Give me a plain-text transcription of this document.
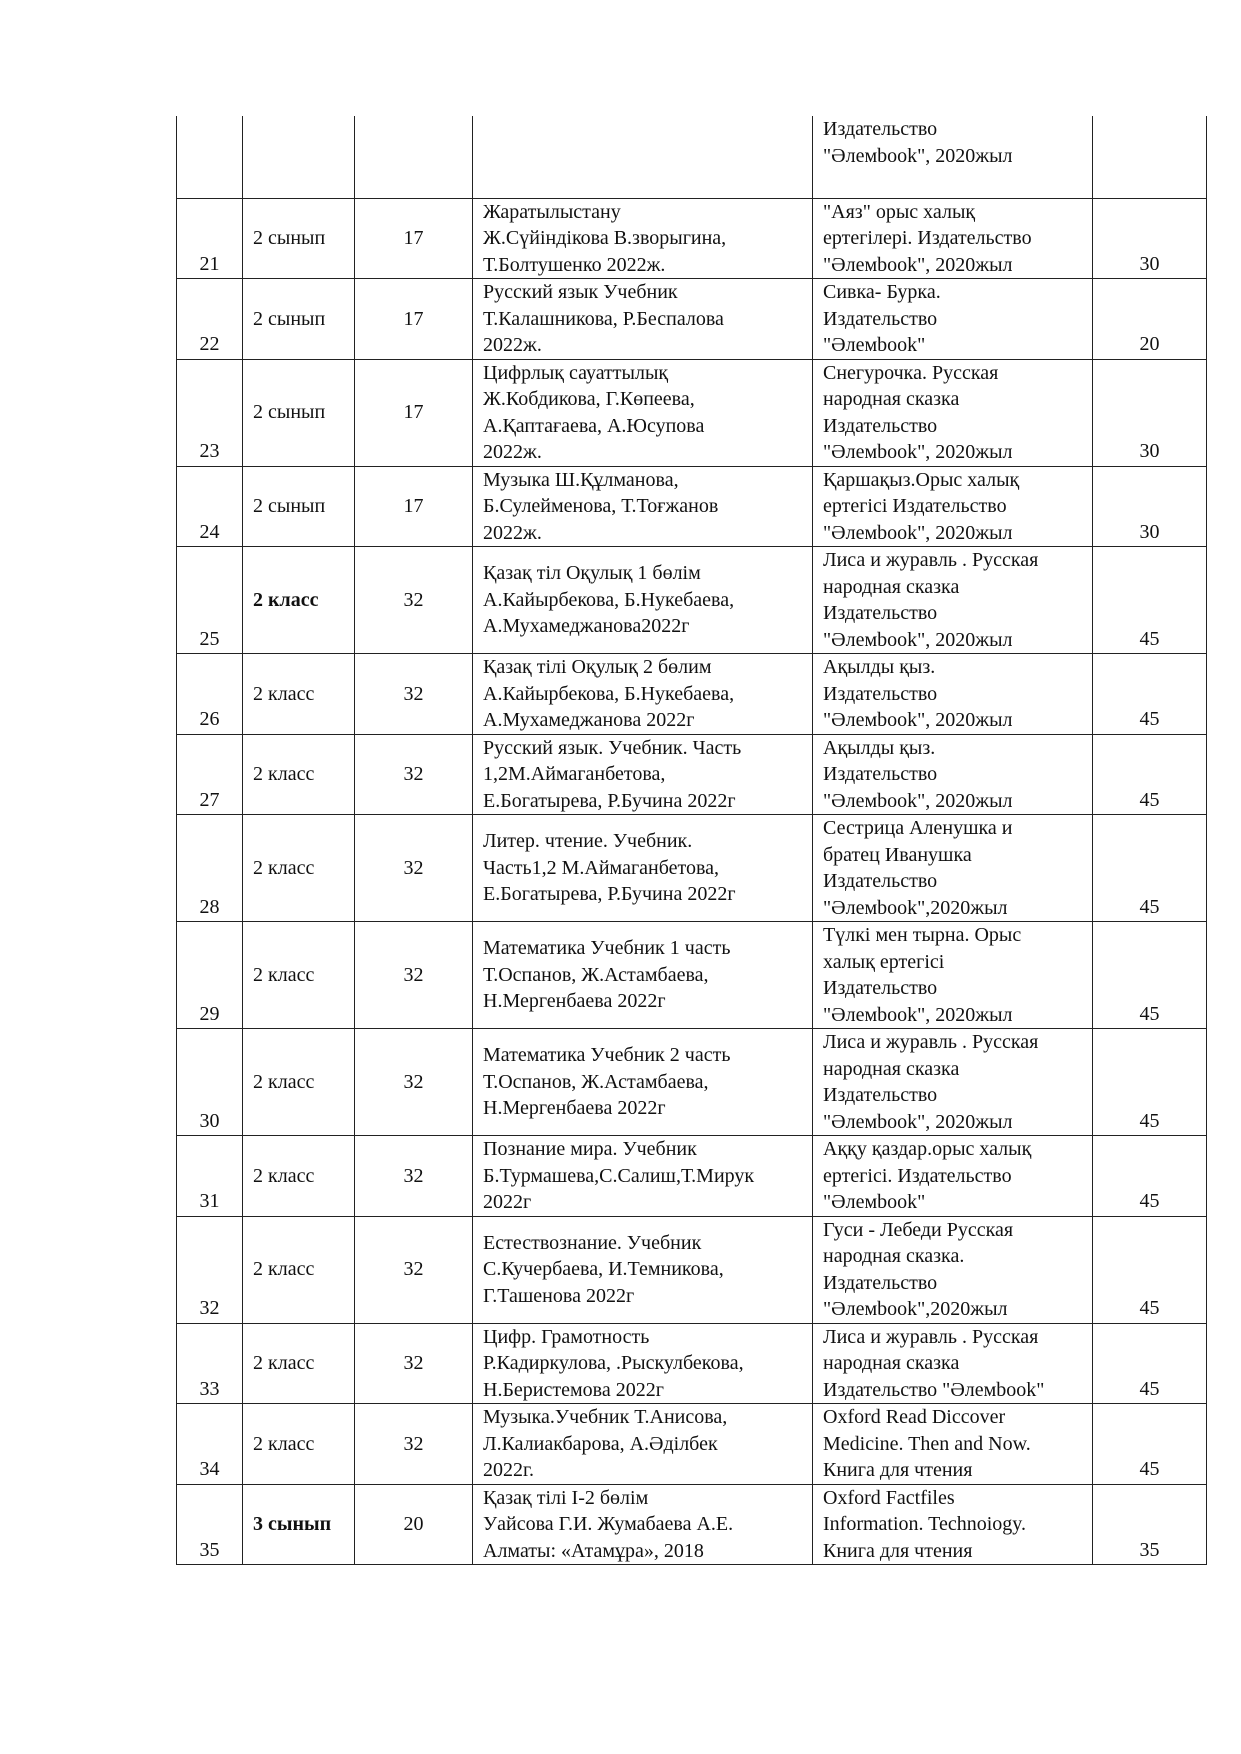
				Издательство
"Әлемbook", 2020жыл	
21	2 сынып	17	Жаратылыстану
Ж.Сүйіндікова В.зворыгина,
Т.Болтушенко 2022ж.	"Аяз" орыс халық
ертегілері. Издательство
"Әлемbook", 2020жыл	30
22	2 сынып	17	Русский язык Учебник
Т.Калашникова, Р.Беспалова
2022ж.	Сивка- Бурка.
Издательство
"Әлемbook"	20
23	2 сынып	17	Цифрлық сауаттылық
Ж.Кобдикова, Г.Көпеева,
А.Қаптағаева, А.Юсупова
2022ж.	Снегурочка. Русская
народная сказка
Издательство
"Әлемbook", 2020жыл	30
24	2 сынып	17	Музыка Ш.Құлманова,
Б.Сулейменова, Т.Тоғжанов
2022ж.	Қаршақыз.Орыс халық
ертегісі Издательство
"Әлемbook", 2020жыл	30
25	2 класс	32	Қазақ тіл Оқулық 1 бөлім
А.Кайырбекова, Б.Нукебаева,
А.Мухамеджанова2022г	Лиса и журавль . Русская
народная сказка
Издательство
"Әлемbook", 2020жыл	45
26	2 класс	32	Қазақ тілі Оқулық 2 бөлим
А.Кайырбекова, Б.Нукебаева,
А.Мухамеджанова 2022г	Ақылды қыз.
Издательство
"Әлемbook", 2020жыл	45
27	2 класс	32	Русский язык. Учебник. Часть
1,2М.Аймаганбетова,
Е.Богатырева, Р.Бучина 2022г	Ақылды қыз.
Издательство
"Әлемbook", 2020жыл	45
28	2 класс	32	Литер. чтение. Учебник.
Часть1,2 М.Аймаганбетова,
Е.Богатырева, Р.Бучина 2022г	Сестрица Аленушка и
братец Иванушка
Издательство
"Әлемbook",2020жыл	45
29	2 класс	32	Математика Учебник 1 часть
Т.Оспанов, Ж.Астамбаева,
Н.Мергенбаева 2022г	Түлкі мен тырна. Орыс
халық ертегісі
Издательство
"Әлемbook", 2020жыл	45
30	2 класс	32	Математика Учебник 2 часть
Т.Оспанов, Ж.Астамбаева,
Н.Мергенбаева 2022г	Лиса и журавль . Русская
народная сказка
Издательство
"Әлемbook", 2020жыл	45
31	2 класс	32	Познание мира. Учебник
Б.Турмашева,С.Салиш,Т.Мирук
2022г	Аққу қаздар.орыс халық
ертегісі. Издательство
"Әлемbook"	45
32	2 класс	32	Естествознание. Учебник
С.Кучербаева, И.Темникова,
Г.Ташенова 2022г	Гуси - Лебеди Русская
народная сказка.
Издательство
"Әлемbook",2020жыл	45
33	2 класс	32	Цифр. Грамотность
Р.Кадиркулова, .Рыскулбекова,
Н.Беристемова 2022г	Лиса и журавль . Русская
народная сказка
Издательство "Әлемbook"	45
34	2 класс	32	Музыка.Учебник Т.Анисова,
Л.Калиакбарова, А.Әділбек
2022г.	Oxford Read Diccover
Medicine. Then and Now.
Книга для чтения	45
35	3 сынып	20	Қазақ тілі І-2 бөлім
Уайсова Г.И. Жумабаева А.Е.
Алматы: «Атамұра», 2018	Oxford Factfiles
Information. Technoiogy.
Книга для чтения	35
